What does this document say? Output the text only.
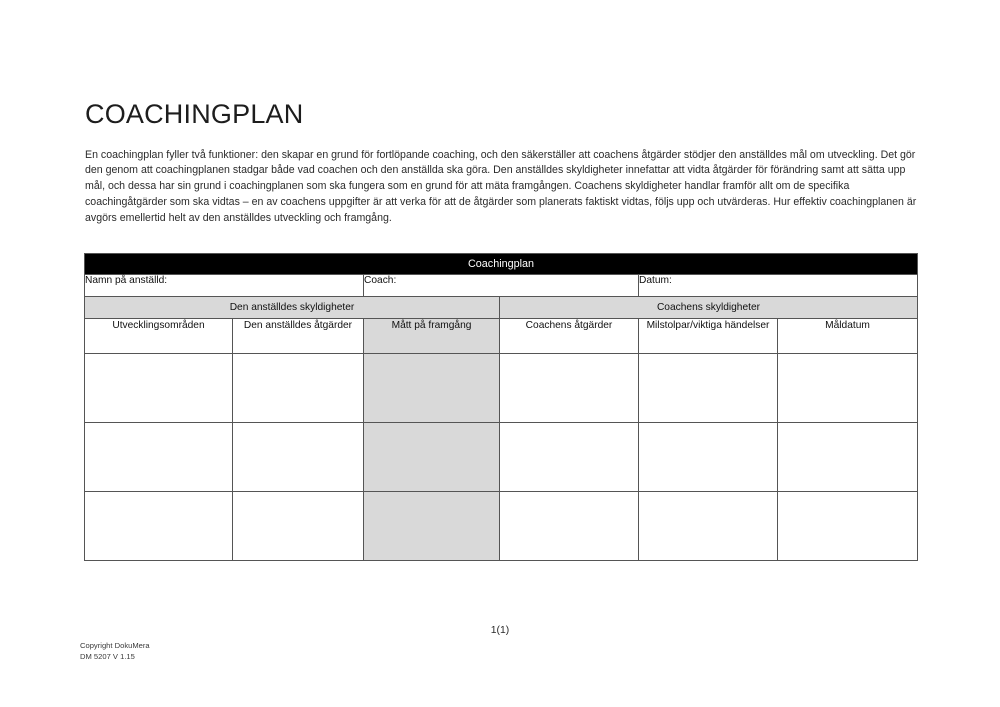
COACHINGPLAN

En coachingplan fyller två funktioner: den skapar en grund för fortlöpande coaching, och den säkerställer att coachens åtgärder stödjer den anställdes mål om utveckling. Det gör den genom att coachingplanen stadgar både vad coachen och den anställda ska göra. Den anställdes skyldigheter innefattar att vidta åtgärder för förändring samt att sätta upp mål, och dessa har sin grund i coachingplanen som ska fungera som en grund för att mäta framgången. Coachens skyldigheter handlar framför allt om de specifika coachingåtgärder som ska vidtas – en av coachens uppgifter är att verka för att de åtgärder som planerats faktiskt vidtas, följs upp och utvärderas. Hur effektiv coachingplanen är avgörs emellertid helt av den anställdes utveckling och framgång.

Coachingplan					
Namn på anställd:		Coach:		Datum:	
Den anställdes skyldigheter			Coachens skyldigheter		
Utvecklingsområden	Den anställdes åtgärder	Mått på framgång	Coachens åtgärder	Milstolpar/viktiga händelser	Måldatum

1(1)
Copyright DokuMera
DM 5207 V 1.15
